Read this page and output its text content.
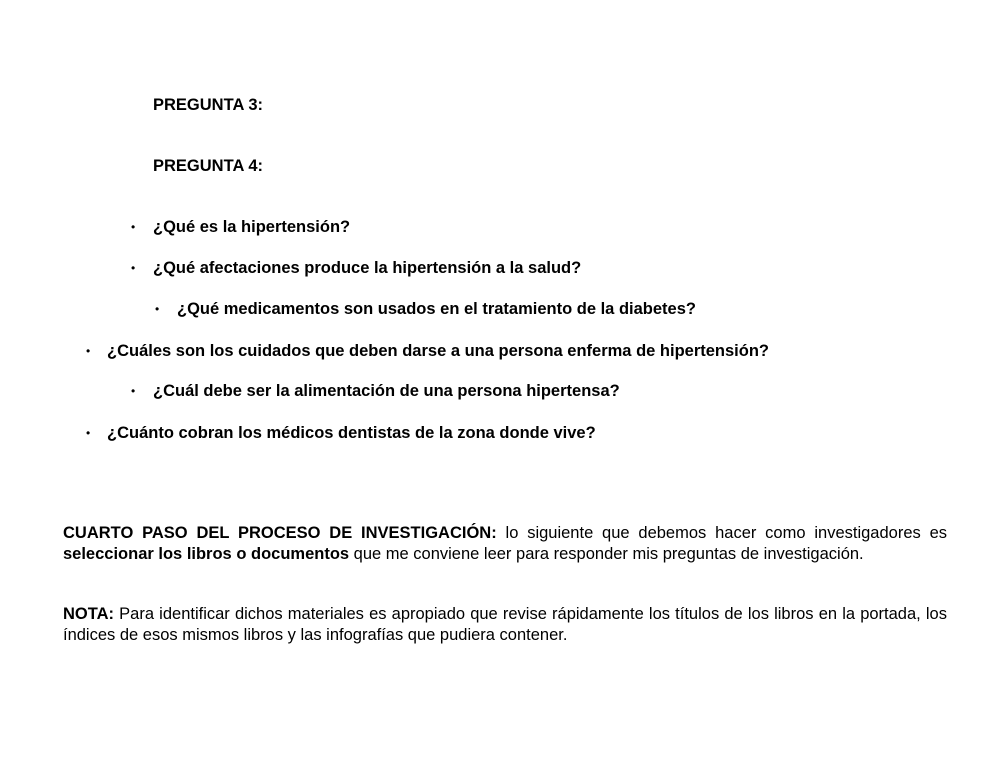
PREGUNTA 3:
PREGUNTA 4:
• ¿Qué es la hipertensión?
• ¿Qué afectaciones produce la hipertensión a la salud?
• ¿Qué medicamentos son usados en el tratamiento de la diabetes?
• ¿Cuáles son los cuidados que deben darse a una persona enferma de hipertensión?
• ¿Cuál debe ser la alimentación de una persona hipertensa?
• ¿Cuánto cobran los médicos dentistas de la zona donde vive?
CUARTO PASO DEL PROCESO DE INVESTIGACIÓN: lo siguiente que debemos hacer como investigadores es seleccionar los libros o documentos que me conviene leer para responder mis preguntas de investigación.
NOTA: Para identificar dichos materiales es apropiado que revise rápidamente los títulos de los libros en la portada, los índices de esos mismos libros y las infografías que pudiera contener.
